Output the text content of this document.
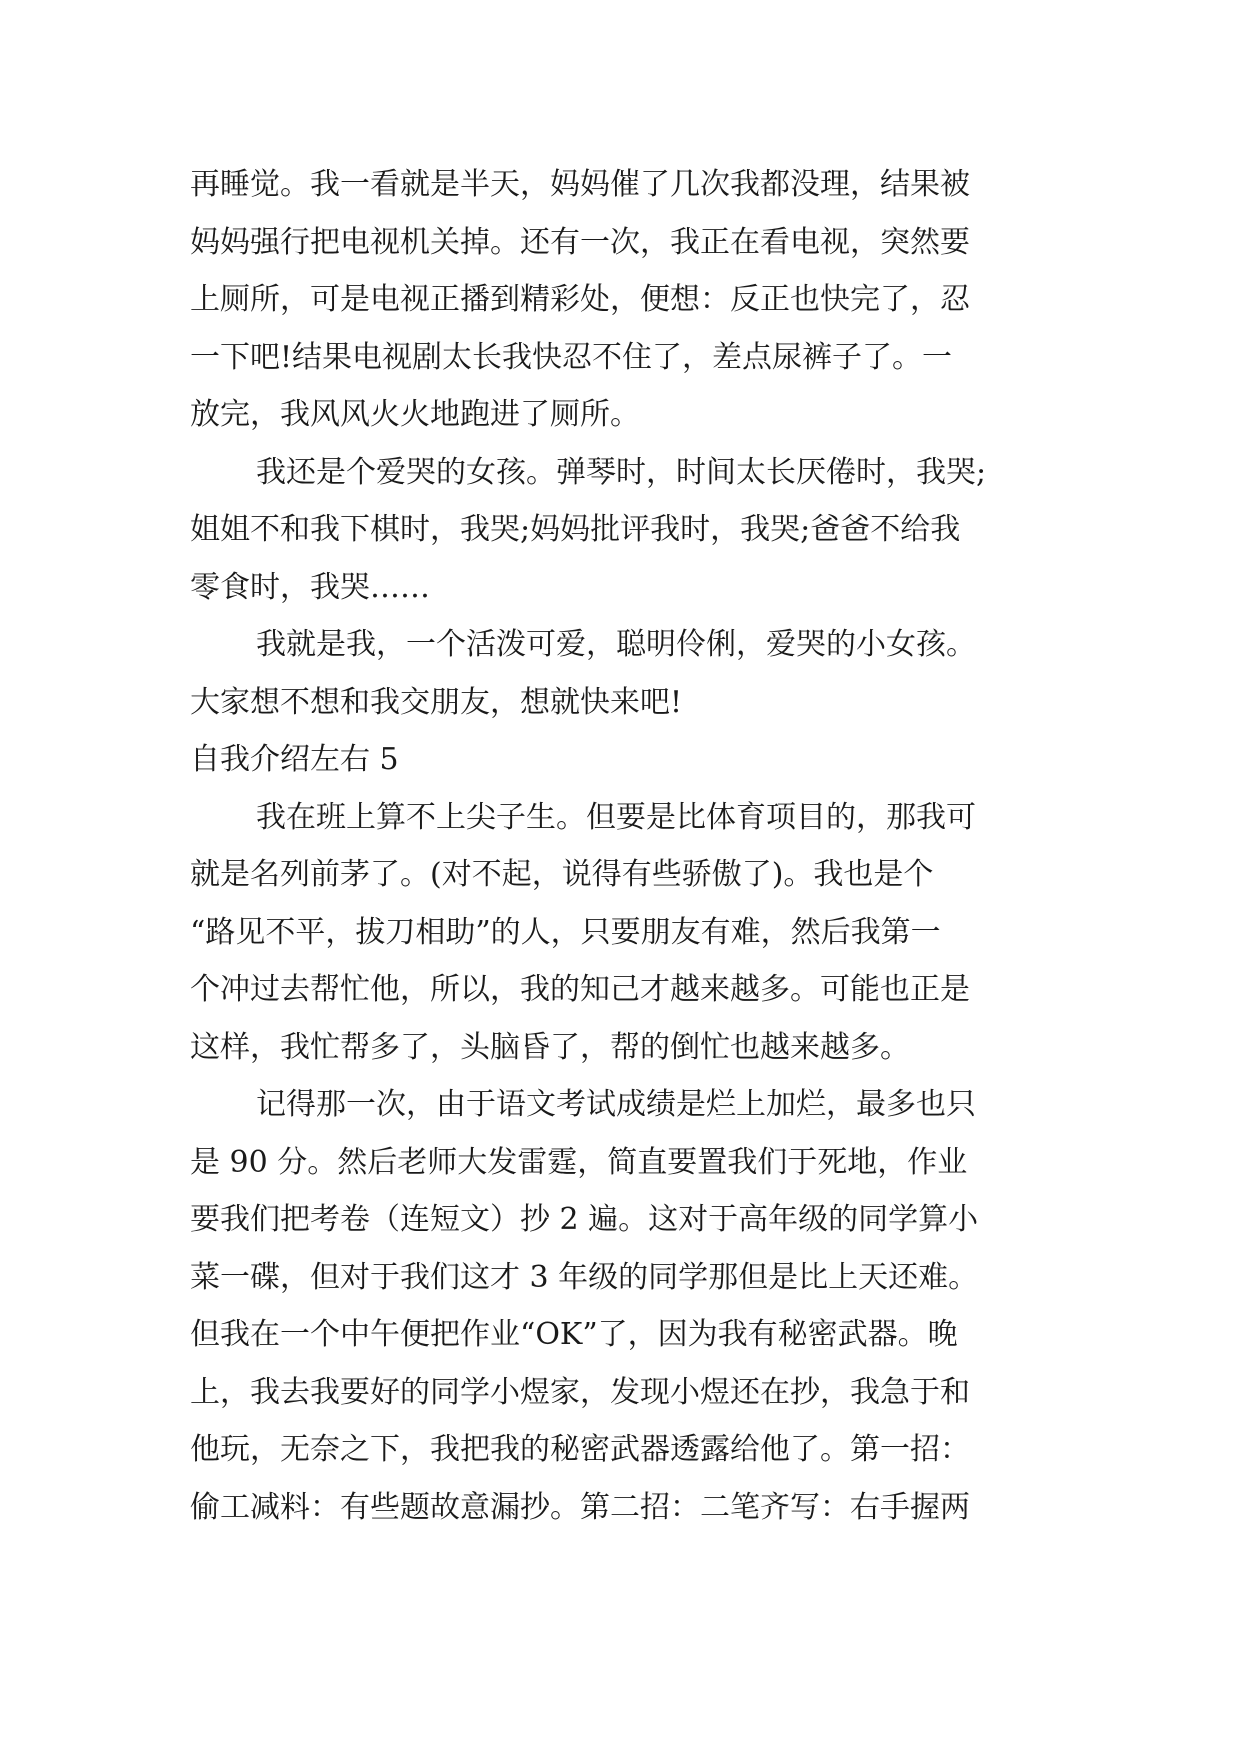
再睡觉。我一看就是半天，妈妈催了几次我都没理，结果被
妈妈强行把电视机关掉。还有一次，我正在看电视，突然要
上厕所，可是电视正播到精彩处，便想：反正也快完了，忍
一下吧!结果电视剧太长我快忍不住了，差点尿裤子了。一
放完，我风风火火地跑进了厕所。
我还是个爱哭的女孩。弹琴时，时间太长厌倦时，我哭;
姐姐不和我下棋时，我哭;妈妈批评我时，我哭;爸爸不给我
零食时，我哭……
我就是我，一个活泼可爱，聪明伶俐，爱哭的小女孩。
大家想不想和我交朋友，想就快来吧!
自我介绍左右 5
我在班上算不上尖子生。但要是比体育项目的，那我可
就是名列前茅了。(对不起，说得有些骄傲了)。我也是个
“路见不平，拔刀相助”的人，只要朋友有难，然后我第一
个冲过去帮忙他，所以，我的知己才越来越多。可能也正是
这样，我忙帮多了，头脑昏了，帮的倒忙也越来越多。
记得那一次，由于语文考试成绩是烂上加烂，最多也只
是 90 分。然后老师大发雷霆，简直要置我们于死地，作业
要我们把考卷（连短文）抄 2 遍。这对于高年级的同学算小
菜一碟，但对于我们这才 3 年级的同学那但是比上天还难。
但我在一个中午便把作业“OK”了，因为我有秘密武器。晚
上，我去我要好的同学小煜家，发现小煜还在抄，我急于和
他玩，无奈之下，我把我的秘密武器透露给他了。第一招：
偷工减料：有些题故意漏抄。第二招：二笔齐写：右手握两
